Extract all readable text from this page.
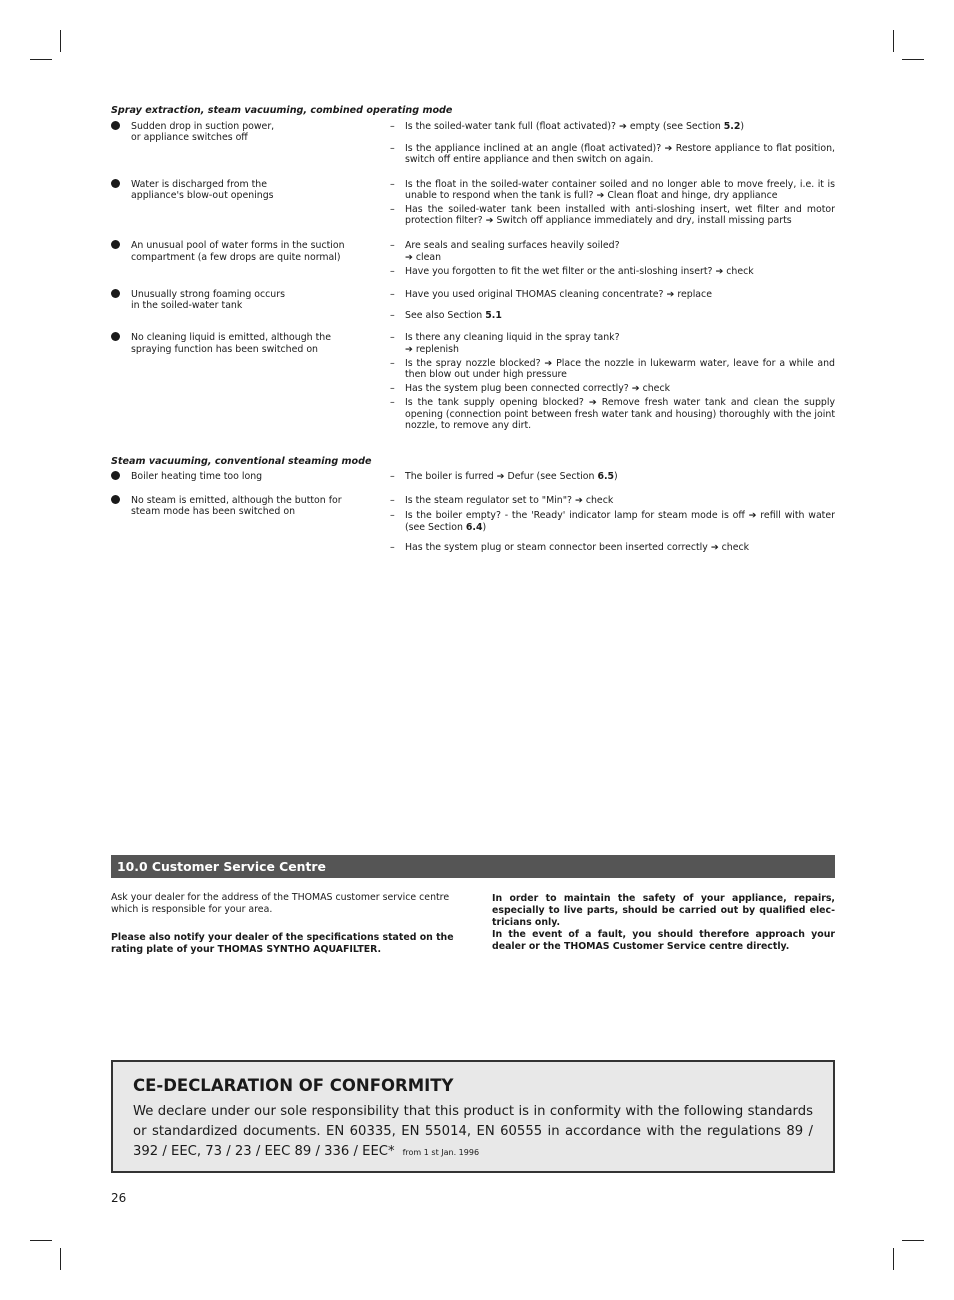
Spray extraction, steam vacuuming, combined operating mode
Sudden drop in suction power,
or appliance switches off
– Is the soiled-water tank full (float activated)? ➔ empty (see Section 5.2)
– Is the appliance inclined at an angle (float activated)? ➔ Restore appliance to flat position, switch off entire appliance and then switch on again.
Water is discharged from the
appliance's blow-out openings
– Is the float in the soiled-water container soiled and no longer able to move freely, i.e. it is unable to respond when the tank is full? ➔ Clean float and hinge, dry appliance
– Has the soiled-water tank been installed with anti-sloshing insert, wet filter and motor protection filter? ➔ Switch off appliance immediately and dry, install missing parts
An unusual pool of water forms in the suction
compartment (a few drops are quite normal)
– Are seals and sealing surfaces heavily soiled? ➔ clean
– Have you forgotten to fit the wet filter or the anti-sloshing insert? ➔ check
Unusually strong foaming occurs
in the soiled-water tank
– Have you used original THOMAS cleaning concentrate? ➔ replace
– See also Section 5.1
No cleaning liquid is emitted, although the
spraying function has been switched on
– Is there any cleaning liquid in the spray tank? ➔ replenish
– Is the spray nozzle blocked? ➔ Place the nozzle in lukewarm water, leave for a while and then blow out under high pressure
– Has the system plug been connected correctly? ➔ check
– Is the tank supply opening blocked? ➔ Remove fresh water tank and clean the supply opening (connection point between fresh water tank and housing) thoroughly with the joint nozzle, to remove any dirt.
Steam vacuuming, conventional steaming mode
Boiler heating time too long	– The boiler is furred ➔ Defur (see Section 6.5)
No steam is emitted, although the button for
steam mode has been switched on
– Is the steam regulator set to "Min"? ➔ check
– Is the boiler empty? - the 'Ready' indicator lamp for steam mode is off ➔ refill with water (see Section 6.4)
– Has the system plug or steam connector been inserted correctly ➔ check
10.0 Customer Service Centre

Ask your dealer for the address of the THOMAS customer service centre which is responsible for your area.

Please also notify your dealer of the specifications stated on the rating plate of your THOMAS SYNTHO AQUAFILTER.

In order to maintain the safety of your appliance, repairs, especially to live parts, should be carried out by qualified elec-tricians only.

In the event of a fault, you should therefore approach your dealer or the THOMAS Customer Service centre directly.

CE-DECLARATION OF CONFORMITY

We declare under our sole responsibility that this product is in conformity with the following standards or standardized documents. EN 60335, EN 55014, EN 60555 in accordance with the regulations 89 / 392 / EEC, 73 / 23 / EEC 89 / 336 / EEC* from 1 st Jan. 1996

26
